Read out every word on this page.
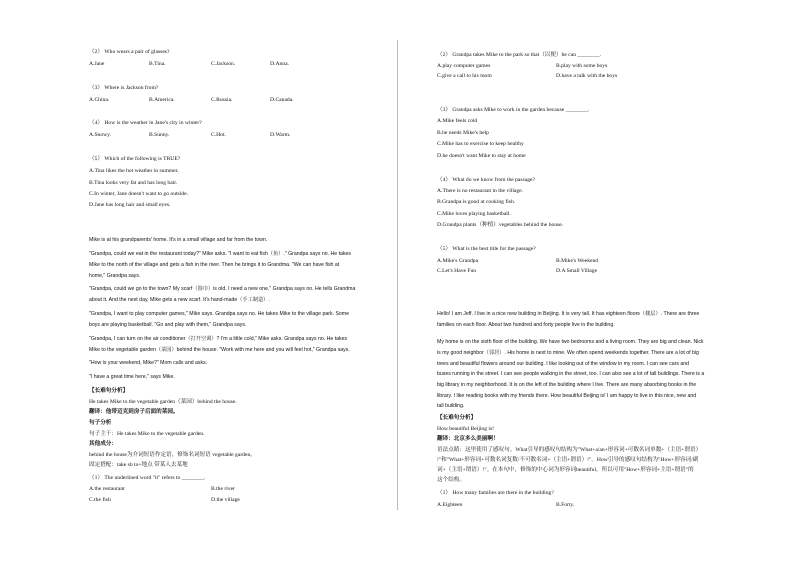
（2） Who wears a pair of glasses?
A.Jane	B.Tina.	C.Jackson.	D.Anna.
（3） Where is Jackson from?
A.China.	B.America.	C.Russia.	D.Canada.
（4） How is the weather in Jane's city in winter?
A.Snowy.	B.Sunny.	C.Hot.	D.Warm.
（5） Which of the following is TRUE?
A.Tina likes the hot weather in summer.
B.Tina looks very fat and has long hair.
C.In winter, Jane doesn't want to go outside.
D.Jane has long hair and small eyes.
Mike is at his grandparents' home. It's in a small village and far from the town.
"Grandpa, could we eat in the restaurant today?" Mike asks. "I want to eat fish（鱼）." Grandpa says no. He takes
Mike to the north of the village and gets a fish in the river. Then he brings it to Grandma. "We can have fish at
home," Grandpa says.
"Grandpa, could we go to the town? My scarf（围巾）is old. I need a new one," Grandpa says no. He tells Grandma
about it. And the next day, Mike gets a new scarf. It's hand-made（手工制造）.
"Grandpa, I want to play computer games," Mike says. Grandpa says no. He takes Mike to the village park. Some
boys are playing basketball. "Go and play with them," Grandpa says.
"Grandpa, I can turn on the air conditioner（打开空调）? I'm a little cold," Mike asks. Grandpa says no. He takes
Mike to the vegetable garden（菜园）behind the house. "Work with me here and you will feel hot," Grandpa says.
"How is your weekend, Mike?" Mom calls and asks.
"I have a great time here," says Mike.
【长难句分析】
He takes Mike to the vegetable garden（菜园）behind the house.
翻译：他带迈克到房子后面的菜园。
句子分析
句子主干：He takes Mike to the vegetable garden.
其他成分：
behind the house为介词短语作定语，修饰名词短语 vegetable garden。
固定搭配：take sb to+地点 带某人去某地
（1） The underlined word "it" refers to ________.
A.the restaurant	B.the river
C.the fish	D.the village
（2） Grandpa takes Mike to the park so that（以便）he can ________.
A.play computer games	B.play with some boys
C.give a call to his mom	D.have a talk with the boys
（3） Grandpa asks Mike to work in the garden because ________.
A.Mike feels cold
B.he needs Mike's help
C.Mike has to exercise to keep healthy
D.he doesn't want Mike to stay at home
（4） What do we know from the passage?
A.There is no restaurant in the village.
B.Grandpa is good at cooking fish.
C.Mike loves playing basketball.
D.Grandpa plants（种植）vegetables behind the house.
（5） What is the best title for the passage?
A.Mike's Grandpa	B.Mike's Weekend
C.Let's Have Fun	D.A Small Village
Hello! I am Jeff. I live in a nice new building in Beijing. It is very tall. It has eighteen floors（楼层）. There are three
families on each floor. About two hundred and forty people live in the building.
My home is on the sixth floor of the building. We have two bedrooms and a living room. They are big and clean. Nick
is my good neighbor（邻居）. His home is next to mine. We often spend weekends together. There are a lot of big
trees and beautiful flowers around our building. I like looking out of the window in my room. I can see cars and
buses running in the street. I can see people walking in the street, too. I can also see a lot of tall buildings. There is a
big library in my neighborhood. It is on the left of the building where I live. There are many absorbing books in the
library. I like reading books with my friends there. How beautiful Beijing is! I am happy to live in this nice, new and
tall building.
【长难句分析】
How beautiful Beijing is!
翻译：北京多么美丽啊！
语法点睛：这里使用了感叹句。What引导的感叹句结构为"What+a/an+形容词+可数名词单数+（主语+谓语）
!"和"What+形容词+可数名词复数/不可数名词+（主语+谓语）!"。How引导的感叹句结构为"How+形容词/副
词+（主语+谓语）!"。在本句中，修饰的中心词为形容词beautiful，所以可用"How+形容词+主语+谓语"的
这个结构。
（1） How many families are there in the building?
A.Eighteen	B.Forty.
